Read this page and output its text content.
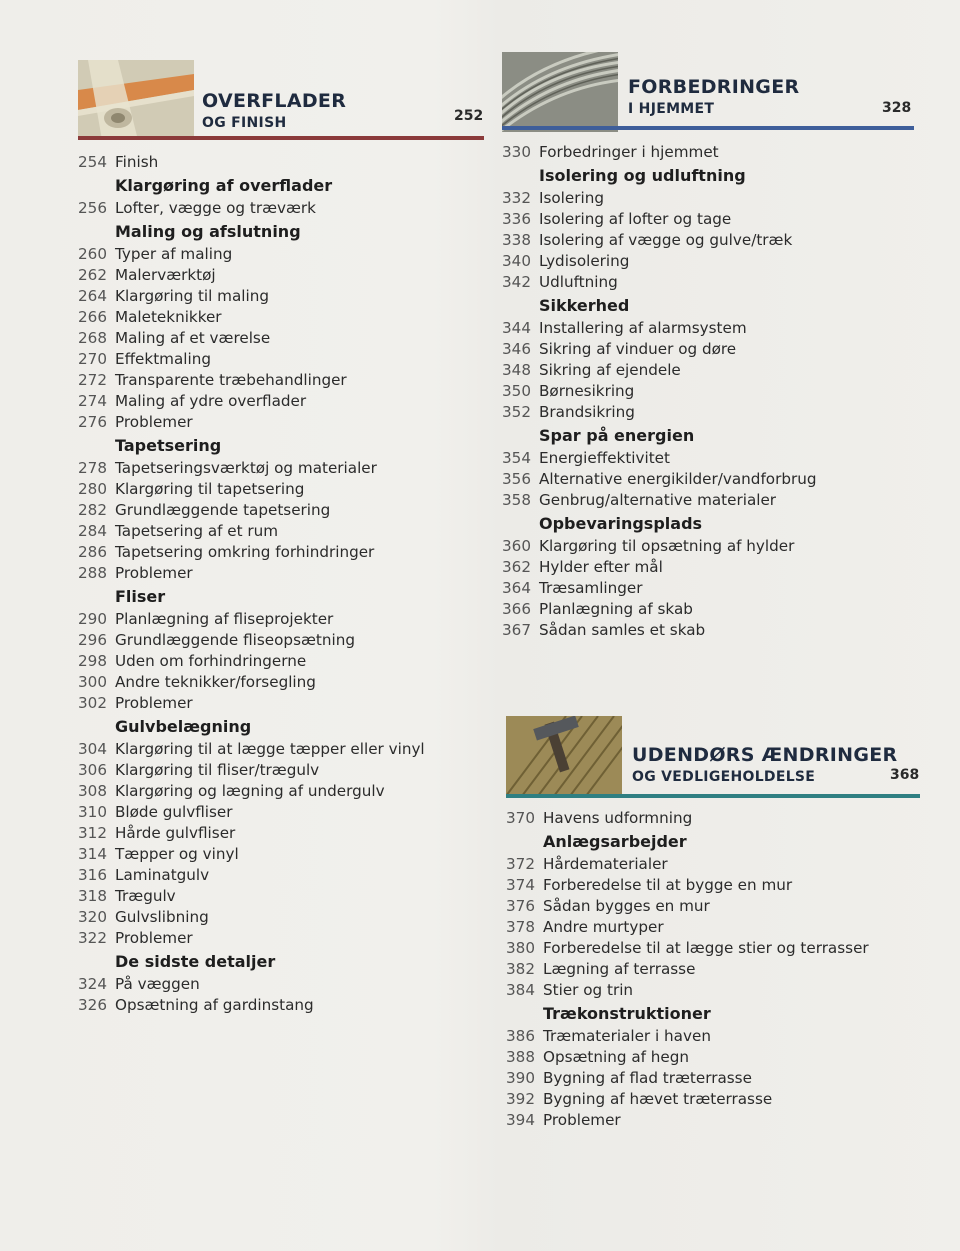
OVERFLADER
OG FINISH	252
254 Finish
Klargøring af overflader
256 Lofter, vægge og træværk
Maling og afslutning
260 Typer af maling
262 Malerværktøj
264 Klargøring til maling
266 Maleteknikker
268 Maling af et værelse
270 Effektmaling
272 Transparente træbehandlinger
274 Maling af ydre overflader
276 Problemer
Tapetsering
278 Tapetseringsværktøj og materialer
280 Klargøring til tapetsering
282 Grundlæggende tapetsering
284 Tapetsering af et rum
286 Tapetsering omkring forhindringer
288 Problemer
Fliser
290 Planlægning af fliseprojekter
296 Grundlæggende fliseopsætning
298 Uden om forhindringerne
300 Andre teknikker/forsegling
302 Problemer
Gulvbelægning
304 Klargøring til at lægge tæpper eller vinyl
306 Klargøring til fliser/trægulv
308 Klargøring og lægning af undergulv
310 Bløde gulvfliser
312 Hårde gulvfliser
314 Tæpper og vinyl
316 Laminatgulv
318 Trægulv
320 Gulvslibning
322 Problemer
De sidste detaljer
324 På væggen
326 Opsætning af gardinstang
FORBEDRINGER
I HJEMMET	328
330 Forbedringer i hjemmet
Isolering og udluftning
332 Isolering
336 Isolering af lofter og tage
338 Isolering af vægge og gulve/træk
340 Lydisolering
342 Udluftning
Sikkerhed
344 Installering af alarmsystem
346 Sikring af vinduer og døre
348 Sikring af ejendele
350 Børnesikring
352 Brandsikring
Spar på energien
354 Energieffektivitet
356 Alternative energikilder/vandforbrug
358 Genbrug/alternative materialer
Opbevaringsplads
360 Klargøring til opsætning af hylder
362 Hylder efter mål
364 Træsamlinger
366 Planlægning af skab
367 Sådan samles et skab
UDENDØRS ÆNDRINGER
OG VEDLIGEHOLDELSE	368
370 Havens udformning
Anlægsarbejder
372 Hårdematerialer
374 Forberedelse til at bygge en mur
376 Sådan bygges en mur
378 Andre murtyper
380 Forberedelse til at lægge stier og terrasser
382 Lægning af terrasse
384 Stier og trin
Trækonstruktioner
386 Træmaterialer i haven
388 Opsætning af hegn
390 Bygning af flad træterrasse
392 Bygning af hævet træterrasse
394 Problemer
